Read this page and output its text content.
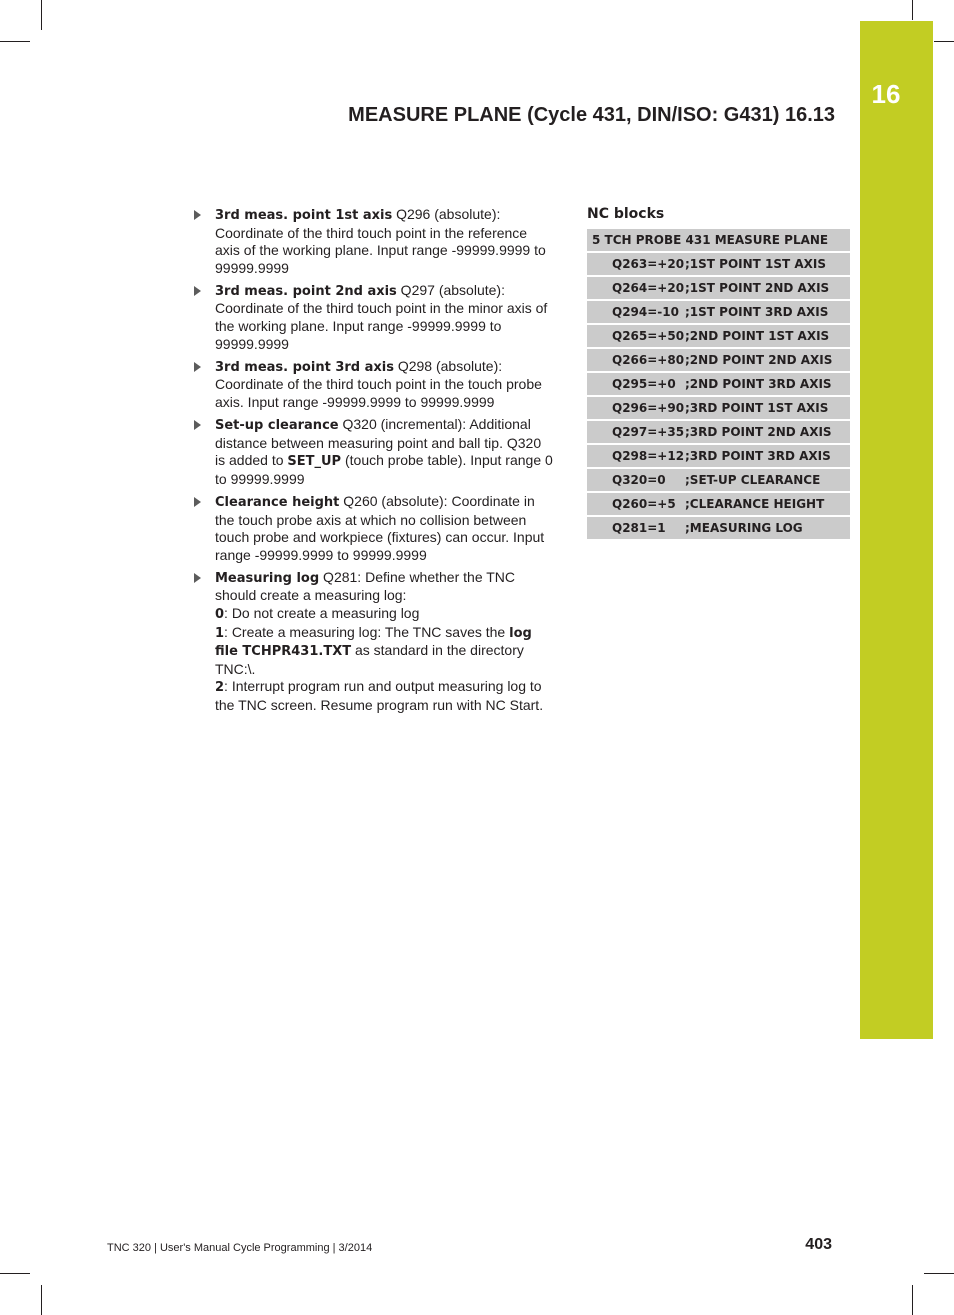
16
MEASURE PLANE (Cycle 431, DIN/ISO: G431) 16.13
3rd meas. point 1st axis Q296 (absolute): Coordinate of the third touch point in the reference axis of the working plane. Input range -99999.9999 to 99999.9999
3rd meas. point 2nd axis Q297 (absolute): Coordinate of the third touch point in the minor axis of the working plane. Input range -99999.9999 to 99999.9999
3rd meas. point 3rd axis Q298 (absolute): Coordinate of the third touch point in the touch probe axis. Input range -99999.9999 to 99999.9999
Set-up clearance Q320 (incremental): Additional distance between measuring point and ball tip. Q320 is added to SET_UP (touch probe table). Input range 0 to 99999.9999
Clearance height Q260 (absolute): Coordinate in the touch probe axis at which no collision between touch probe and workpiece (fixtures) can occur. Input range -99999.9999 to 99999.9999
Measuring log Q281: Define whether the TNC should create a measuring log:
0: Do not create a measuring log
1: Create a measuring log: The TNC saves the log file TCHPR431.TXT as standard in the directory TNC:\.
2: Interrupt program run and output measuring log to the TNC screen. Resume program run with NC Start.
NC blocks
5 TCH PROBE 431 MEASURE PLANE
Q263=+20 ;1ST POINT 1ST AXIS
Q264=+20 ;1ST POINT 2ND AXIS
Q294=-10 ;1ST POINT 3RD AXIS
Q265=+50 ;2ND POINT 1ST AXIS
Q266=+80 ;2ND POINT 2ND AXIS
Q295=+0 ;2ND POINT 3RD AXIS
Q296=+90 ;3RD POINT 1ST AXIS
Q297=+35 ;3RD POINT 2ND AXIS
Q298=+12 ;3RD POINT 3RD AXIS
Q320=0 ;SET-UP CLEARANCE
Q260=+5 ;CLEARANCE HEIGHT
Q281=1 ;MEASURING LOG
TNC 320 | User's Manual Cycle Programming | 3/2014	403
